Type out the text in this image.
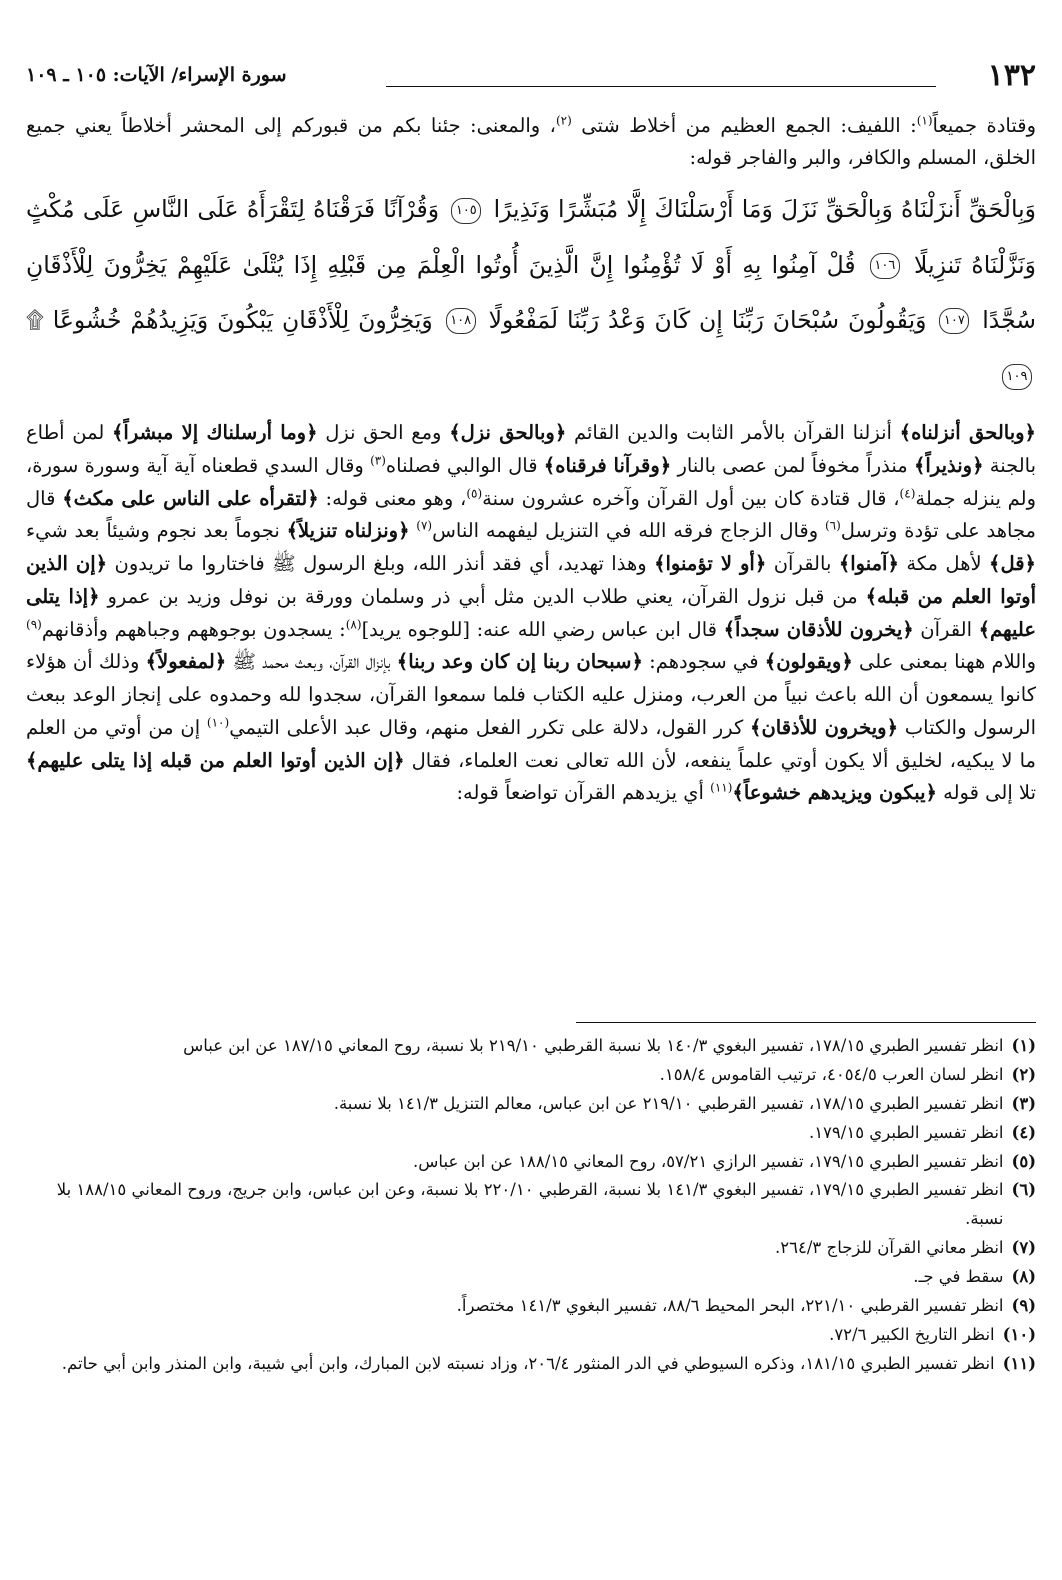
١٣٢
سورة الإسراء/ الآيات: ١٠٥ ـ ١٠٩

وقتادة جميعاً$^{(١)}$: اللفيف: الجمع العظيم من أخلاط شتى $^{(٢)}$، والمعنى: جئنا بكم من قبوركم إلى المحشر أخلاطاً يعني جميع الخلق، المسلم والكافر، والبر والفاجر قوله:

وَبِالْحَقِّ أَنزَلْنَاهُ وَبِالْحَقِّ نَزَلَ وَمَا أَرْسَلْنَاكَ إِلَّا مُبَشِّرًا وَنَذِيرًا ١٠٥ وَقُرْآنًا فَرَقْنَاهُ لِتَقْرَأَهُ عَلَى النَّاسِ عَلَى مُكْثٍ وَنَزَّلْنَاهُ تَنزِيلًا ١٠٦ قُلْ آمِنُوا بِهِ أَوْ لَا تُؤْمِنُوا إِنَّ الَّذِينَ أُوتُوا الْعِلْمَ مِن قَبْلِهِ إِذَا يُتْلَىٰ عَلَيْهِمْ يَخِرُّونَ لِلْأَذْقَانِ سُجَّدًا ١٠٧ وَيَقُولُونَ سُبْحَانَ رَبِّنَا إِن كَانَ وَعْدُ رَبِّنَا لَمَفْعُولًا ١٠٨ وَيَخِرُّونَ لِلْأَذْقَانِ يَبْكُونَ وَيَزِيدُهُمْ خُشُوعًا ۩ ١٠٩

﴿وبالحق أنزلناه﴾ أنزلنا القرآن بالأمر الثابت والدين القائم ﴿وبالحق نزل﴾ ومع الحق نزل ﴿وما أرسلناك إلا مبشراً﴾ لمن أطاع بالجنة ﴿ونذيراً﴾ منذراً مخوفاً لمن عصى بالنار ﴿وقرآنا فرقناه﴾ قال الوالبي فصلناه$^{(٣)}$ وقال السدي قطعناه آية آية وسورة سورة، ولم ينزله جملة$^{(٤)}$، قال قتادة كان بين أول القرآن وآخره عشرون سنة$^{(٥)}$، وهو معنى قوله: ﴿لتقرأه على الناس على مكث﴾ قال مجاهد على تؤدة وترسل$^{(٦)}$ وقال الزجاج فرقه الله في التنزيل ليفهمه الناس$^{(٧)}$ ﴿ونزلناه تنزيلاً﴾ نجوماً بعد نجوم وشيئاً بعد شيء ﴿قل﴾ لأهل مكة ﴿آمنوا﴾ بالقرآن ﴿أو لا تؤمنوا﴾ وهذا تهديد، أي فقد أنذر الله، وبلغ الرسول ﷺ فاختاروا ما تريدون ﴿إن الذين أوتوا العلم من قبله﴾ من قبل نزول القرآن، يعني طلاب الدين مثل أبي ذر وسلمان وورقة بن نوفل وزيد بن عمرو ﴿إذا يتلى عليهم﴾ القرآن ﴿يخرون للأذقان سجداً﴾ قال ابن عباس رضي الله عنه: [للوجوه يريد]$^{(٨)}$: يسجدون بوجوههم وجباههم وأذقانهم$^{(٩)}$ واللام ههنا بمعنى على ﴿ويقولون﴾ في سجودهم: ﴿سبحان ربنا إن كان وعد ربنا﴾ بإنزال القرآن، وبعث محمد ﷺ ﴿لمفعولاً﴾ وذلك أن هؤلاء كانوا يسمعون أن الله باعث نبياً من العرب، ومنزل عليه الكتاب فلما سمعوا القرآن، سجدوا لله وحمدوه على إنجاز الوعد ببعث الرسول والكتاب ﴿ويخرون للأذقان﴾ كرر القول، دلالة على تكرر الفعل منهم، وقال عبد الأعلى التيمي$^{(١٠)}$ إن من أوتي من العلم ما لا يبكيه، لخليق ألا يكون أوتي علماً ينفعه، لأن الله تعالى نعت العلماء، فقال ﴿إن الذين أوتوا العلم من قبله إذا يتلى عليهم﴾ تلا إلى قوله ﴿يبكون ويزيدهم خشوعاً﴾$^{(١١)}$ أي يزيدهم القرآن تواضعاً قوله:

(١)
انظر تفسير الطبري ١٧٨/١٥، تفسير البغوي ١٤٠/٣ بلا نسبة القرطبي ٢١٩/١٠ بلا نسبة، روح المعاني ١٨٧/١٥ عن ابن عباس
(٢)
انظر لسان العرب ٤٠٥٤/٥، ترتيب القاموس ١٥٨/٤.
(٣)
انظر تفسير الطبري ١٧٨/١٥، تفسير القرطبي ٢١٩/١٠ عن ابن عباس، معالم التنزيل ١٤١/٣ بلا نسبة.
(٤)
انظر تفسير الطبري ١٧٩/١٥.
(٥)
انظر تفسير الطبري ١٧٩/١٥، تفسير الرازي ٥٧/٢١، روح المعاني ١٨٨/١٥ عن ابن عباس.
(٦)
انظر تفسير الطبري ١٧٩/١٥، تفسير البغوي ١٤١/٣ بلا نسبة، القرطبي ٢٢٠/١٠ بلا نسبة، وعن ابن عباس، وابن جريج، وروح المعاني ١٨٨/١٥ بلا نسبة.
(٧)
انظر معاني القرآن للزجاج ٢٦٤/٣.
(٨)
سقط في جـ.
(٩)
انظر تفسير القرطبي ٢٢١/١٠، البحر المحيط ٨٨/٦، تفسير البغوي ١٤١/٣ مختصراً.
(١٠)
انظر التاريخ الكبير ٧٢/٦.
(١١)
انظر تفسير الطبري ١٨١/١٥، وذكره السيوطي في الدر المنثور ٢٠٦/٤، وزاد نسبته لابن المبارك، وابن أبي شيبة، وابن المنذر وابن أبي حاتم.
